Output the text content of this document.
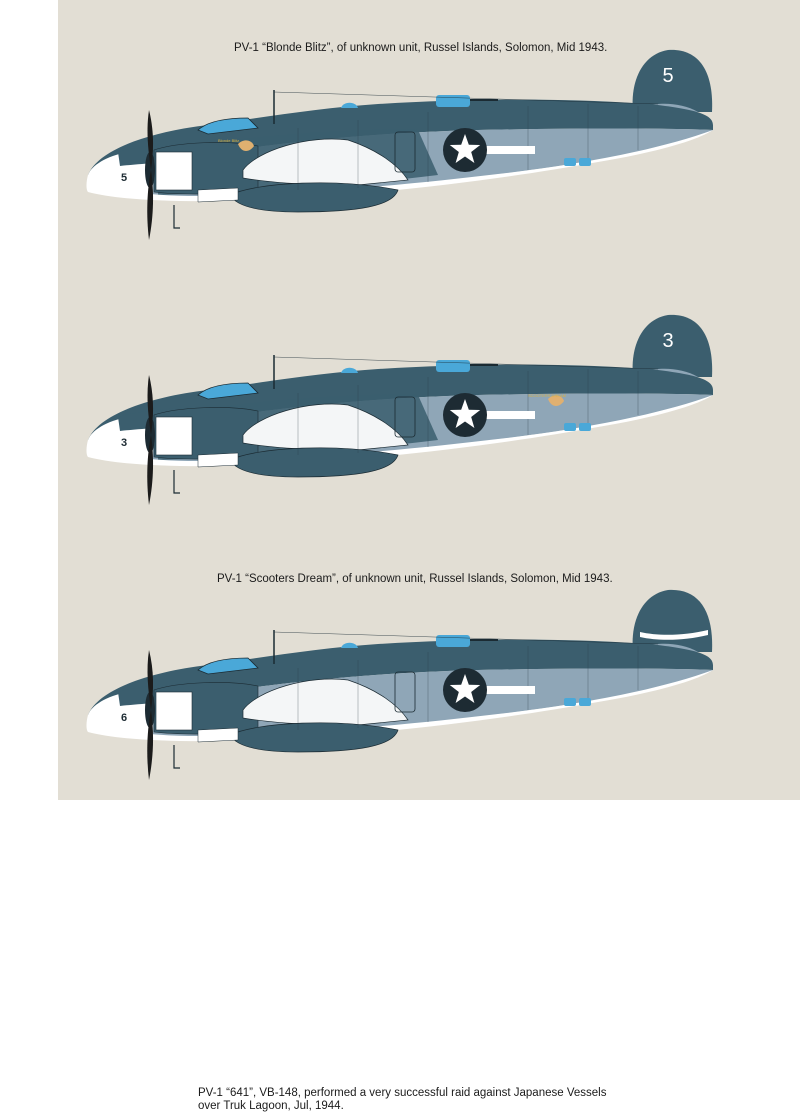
PV-1 “Blonde Blitz”, of unknown unit, Russel Islands, Solomon, Mid 1943.
5
5
Blonde Blitz
PV-1 “Scooters Dream”, of unknown unit, Russel Islands, Solomon, Mid 1943.
3
3
SCOOTERS DREAM
PV-1 “641”, VB-148, performed a very successful raid against Japanese Vessels
over Truk Lagoon, Jul, 1944.
6
